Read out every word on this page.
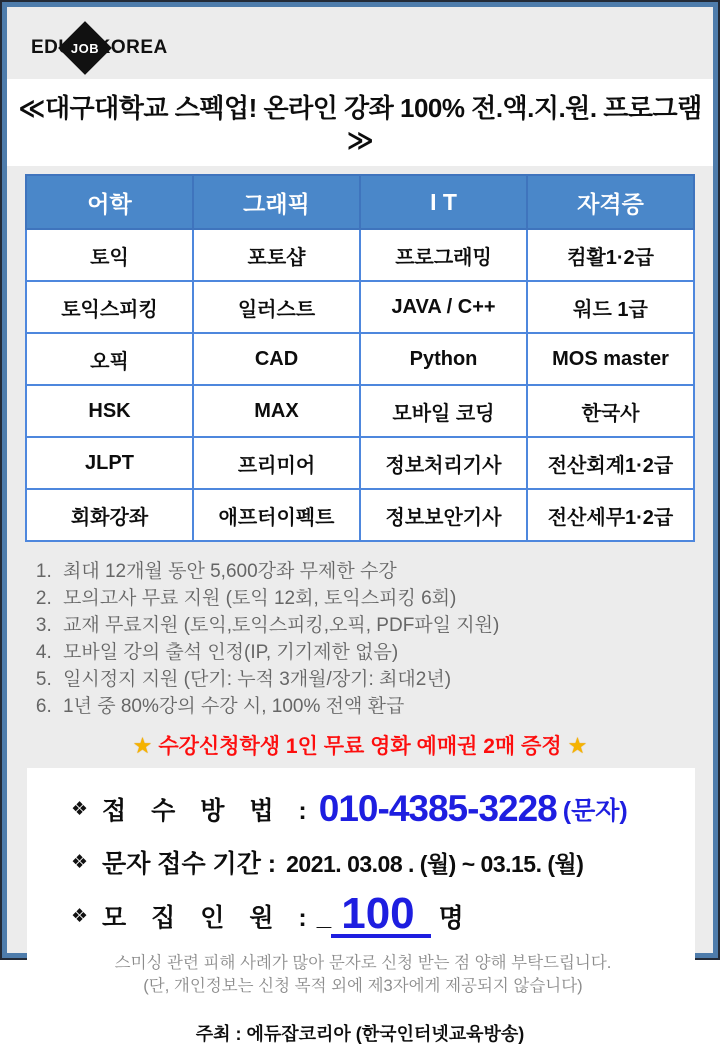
EDU
JOB
KOREA
≪대구대학교 스펙업! 온라인 강좌 100% 전.액.지.원. 프로그램≫
어학	그래픽	I T	자격증
토익	포토샵	프로그래밍	컴활1·2급
토익스피킹	일러스트	JAVA / C++	워드 1급
오픽	CAD	Python	MOS master
HSK	MAX	모바일 코딩	한국사
JLPT	프리미어	정보처리기사	전산회계1·2급
회화강좌	애프터이펙트	정보보안기사	전산세무1·2급
1. 최대 12개월 동안 5,600강좌 무제한 수강
2. 모의고사 무료 지원 (토익 12회, 토익스피킹 6회)
3. 교재 무료지원 (토익,토익스피킹,오픽, PDF파일 지원)
4. 모바일 강의 출석 인정(IP, 기기제한 없음)
5. 일시정지 지원 (단기: 누적 3개월/장기: 최대2년)
6. 1년 중 80%강의 수강 시, 100% 전액 환급
★ 수강신청학생 1인 무료 영화 예매권 2매 증정 ★
❖ 접 수 방 법 : 010-4385-3228 (문자)
❖ 문자 접수 기간 : 2021. 03.08 . (월) ~ 03.15. (월)
❖ 모 집 인 원 : _ 100 명
스미싱 관련 피해 사례가 많아 문자로 신청 받는 점 양해 부탁드립니다.
(단, 개인정보는 신청 목적 외에 제3자에게 제공되지 않습니다)
주최 : 에듀잡코리아 (한국인터넷교육방송)
